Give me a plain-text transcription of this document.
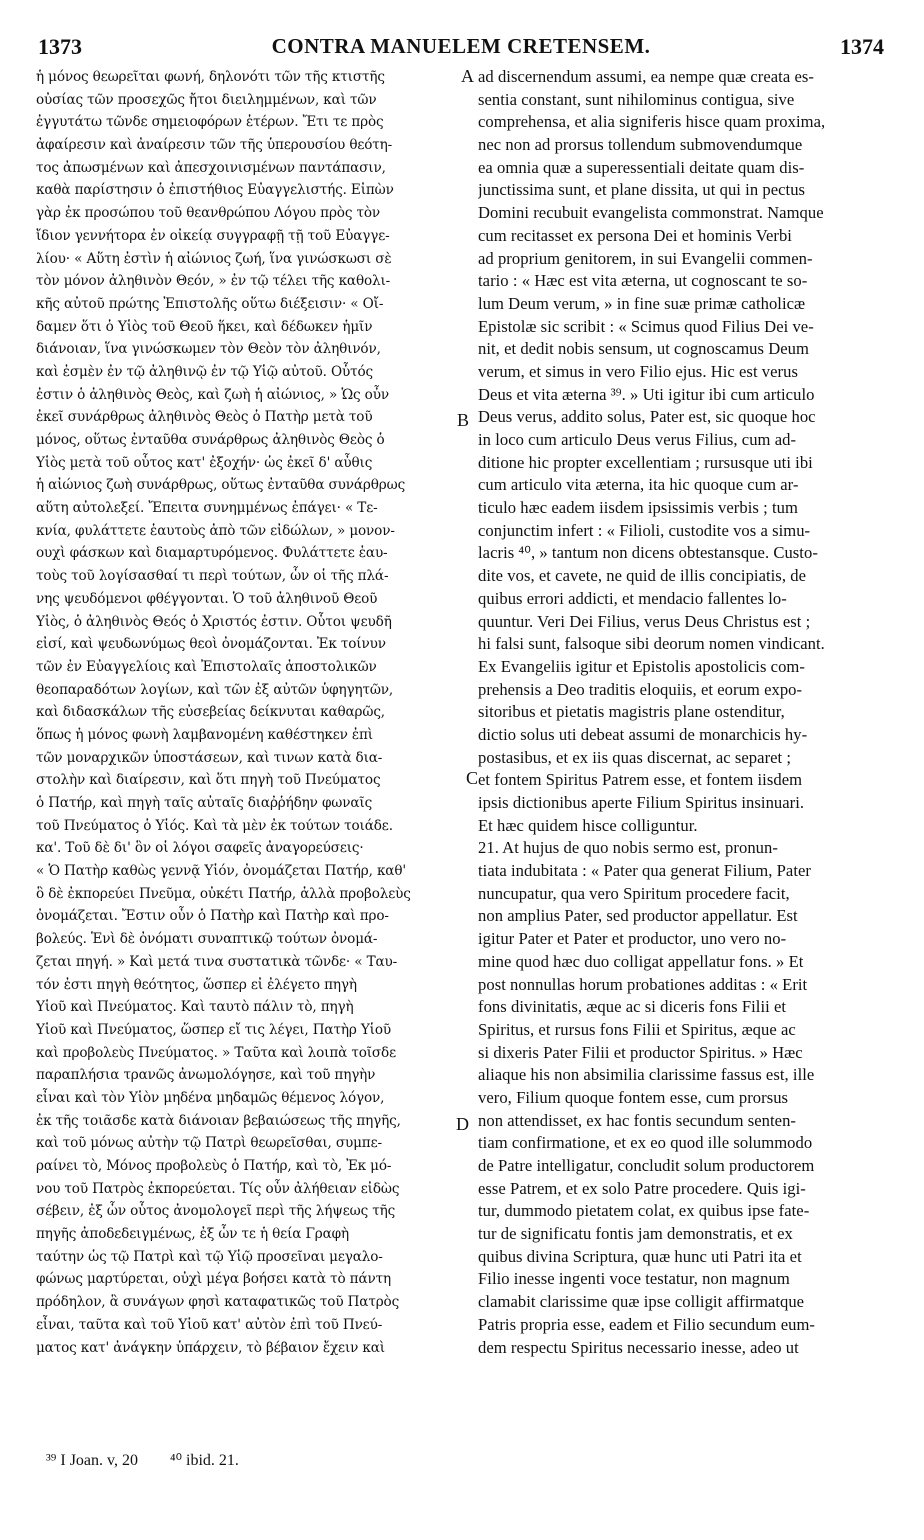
1373	CONTRA MANUELEM CRETENSEM.	1374
ἡ μόνος θεωρεῖται φωνή, δηλονότι τῶν τῆς κτιστῆς
οὐσίας τῶν προσεχῶς ἤτοι διειλημμένων, καὶ τῶν
ἐγγυτάτω τῶνδε σημειοφόρων ἑτέρων. Ἔτι τε πρὸς
ἀφαίρεσιν καὶ ἀναίρεσιν τῶν τῆς ὑπερουσίου θεότη-
τος ἀπωσμένων καὶ ἀπεσχοινισμένων παντάπασιν,
καθὰ παρίστησιν ὁ ἐπιστήθιος Εὐαγγελιστής. Εἰπὼν
γὰρ ἐκ προσώπου τοῦ θεανθρώπου Λόγου πρὸς τὸν
ἴδιον γεννήτορα ἐν οἰκείᾳ συγγραφῇ τῇ τοῦ Εὐαγγε-
λίου· « Αὕτη ἐστὶν ἡ αἰώνιος ζωή, ἵνα γινώσκωσι σὲ
τὸν μόνον ἀληθινὸν Θεόν, » ἐν τῷ τέλει τῆς καθολι-
κῆς αὐτοῦ πρώτης Ἐπιστολῆς οὕτω διέξεισιν· « Οἴ-
δαμεν ὅτι ὁ Υἱὸς τοῦ Θεοῦ ἥκει, καὶ δέδωκεν ἡμῖν
διάνοιαν, ἵνα γινώσκωμεν τὸν Θεὸν τὸν ἀληθινόν,
καὶ ἐσμὲν ἐν τῷ ἀληθινῷ ἐν τῷ Υἱῷ αὐτοῦ. Οὗτός
ἐστιν ὁ ἀληθινὸς Θεὸς, καὶ ζωὴ ἡ αἰώνιος, » Ὡς οὖν
ἐκεῖ συνάρθρως ἀληθινὸς Θεὸς ὁ Πατὴρ μετὰ τοῦ
μόνος, οὕτως ἐνταῦθα συνάρθρως ἀληθινὸς Θεὸς ὁ
Υἱὸς μετὰ τοῦ οὗτος κατ' ἐξοχήν· ὡς ἐκεῖ δ' αὖθις
ἡ αἰώνιος ζωὴ συνάρθρως, οὕτως ἐνταῦθα συνάρθρως
αὕτη αὐτολεξεί. Ἔπειτα συνημμένως ἐπάγει· « Τε-
κνία, φυλάττετε ἑαυτοὺς ἀπὸ τῶν εἰδώλων, » μονον-
ουχὶ φάσκων καὶ διαμαρτυρόμενος. Φυλάττετε ἑαυ-
τοὺς τοῦ λογίσασθαί τι περὶ τούτων, ὧν οἱ τῆς πλά-
νης ψευδόμενοι φθέγγονται. Ὁ τοῦ ἀληθινοῦ Θεοῦ
Υἱὸς, ὁ ἀληθινὸς Θεός ὁ Χριστός ἐστιν. Οὗτοι ψευδῆ
εἰσί, καὶ ψευδωνύμως θεοὶ ὀνομάζονται. Ἐκ τοίνυν
τῶν ἐν Εὐαγγελίοις καὶ Ἐπιστολαῖς ἀποστολικῶν
θεοπαραδότων λογίων, καὶ τῶν ἐξ αὐτῶν ὑφηγητῶν,
καὶ διδασκάλων τῆς εὐσεβείας δείκνυται καθαρῶς,
ὅπως ἡ μόνος φωνὴ λαμβανομένη καθέστηκεν ἐπὶ
τῶν μοναρχικῶν ὑποστάσεων, καὶ τινων κατὰ δια-
στολὴν καὶ διαίρεσιν, καὶ ὅτι πηγὴ τοῦ Πνεύματος
ὁ Πατήρ, καὶ πηγὴ ταῖς αὐταῖς διαῤῥήδην φωναῖς
τοῦ Πνεύματος ὁ Υἱός. Καὶ τὰ μὲν ἐκ τούτων τοιάδε.
κα'. Τοῦ δὲ δι' ὃν οἱ λόγοι σαφεῖς ἀναγορεύσεις·
« Ὁ Πατὴρ καθὼς γεννᾷ Υἱόν, ὀνομάζεται Πατήρ, καθ'
ὃ δὲ ἐκπορεύει Πνεῦμα, οὐκέτι Πατήρ, ἀλλὰ προβολεὺς
ὀνομάζεται. Ἔστιν οὖν ὁ Πατὴρ καὶ Πατὴρ καὶ προ-
βολεύς. Ἑνὶ δὲ ὀνόματι συναπτικῷ τούτων ὀνομά-
ζεται πηγή. » Καὶ μετά τινα συστατικὰ τῶνδε· « Ταυ-
τόν ἐστι πηγὴ θεότητος, ὥσπερ εἰ ἐλέγετο πηγὴ
Υἱοῦ καὶ Πνεύματος. Καὶ ταυτὸ πάλιν τὸ, πηγὴ
Υἱοῦ καὶ Πνεύματος, ὥσπερ εἴ τις λέγει, Πατὴρ Υἱοῦ
καὶ προβολεὺς Πνεύματος. » Ταῦτα καὶ λοιπὰ τοῖσδε
παραπλήσια τρανῶς ἀνωμολόγησε, καὶ τοῦ πηγὴν
εἶναι καὶ τὸν Υἱὸν μηδένα μηδαμῶς θέμενος λόγον,
ἐκ τῆς τοιᾶσδε κατὰ διάνοιαν βεβαιώσεως τῆς πηγῆς,
καὶ τοῦ μόνως αὐτὴν τῷ Πατρὶ θεωρεῖσθαι, συμπε-
ραίνει τὸ, Μόνος προβολεὺς ὁ Πατήρ, καὶ τὸ, Ἐκ μό-
νου τοῦ Πατρὸς ἐκπορεύεται. Τίς οὖν ἀλήθειαν εἰδὼς
σέβειν, ἐξ ὧν οὗτος ἀνομολογεῖ περὶ τῆς λήψεως τῆς
πηγῆς ἀποδεδειγμένως, ἐξ ὧν τε ἡ θεία Γραφὴ
ταύτην ὡς τῷ Πατρὶ καὶ τῷ Υἱῷ προσεῖναι μεγαλο-
φώνως μαρτύρεται, οὐχὶ μέγα βοήσει κατὰ τὸ πάντη
πρόδηλον, ἃ συνάγων φησὶ καταφατικῶς τοῦ Πατρὸς
εἶναι, ταῦτα καὶ τοῦ Υἱοῦ κατ' αὐτὸν ἐπὶ τοῦ Πνεύ-
ματος κατ' ἀνάγκην ὑπάρχειν, τὸ βέβαιον ἔχειν καὶ
ad discernendum assumi, ea nempe quæ creata es-
sentia constant, sunt nihilominus contigua, sive
comprehensa, et alia signiferis hisce quam proxima,
nec non ad prorsus tollendum submovendumque
ea omnia quæ a superessentiali deitate quam dis-
junctissima sunt, et plane dissita, ut qui in pectus
Domini recubuit evangelista commonstrat. Namque
cum recitasset ex persona Dei et hominis Verbi
ad proprium genitorem, in sui Evangelii commen-
tario : « Hæc est vita æterna, ut cognoscant te so-
lum Deum verum, » in fine suæ primæ catholicæ
Epistolæ sic scribit : « Scimus quod Filius Dei ve-
nit, et dedit nobis sensum, ut cognoscamus Deum
verum, et simus in vero Filio ejus. Hic est verus
Deus et vita æterna ³⁹. » Uti igitur ibi cum articulo
Deus verus, addito solus, Pater est, sic quoque hoc
in loco cum articulo Deus verus Filius, cum ad-
ditione hic propter excellentiam ; rursusque uti ibi
cum articulo vita æterna, ita hic quoque cum ar-
ticulo hæc eadem iisdem ipsissimis verbis ; tum
conjunctim infert : « Filioli, custodite vos a simu-
lacris ⁴⁰, » tantum non dicens obtestansque. Custo-
dite vos, et cavete, ne quid de illis concipiatis, de
quibus errori addicti, et mendacio fallentes lo-
quuntur. Veri Dei Filius, verus Deus Christus est ;
hi falsi sunt, falsoque sibi deorum nomen vindicant.
Ex Evangeliis igitur et Epistolis apostolicis com-
prehensis a Deo traditis eloquiis, et eorum expo-
sitoribus et pietatis magistris plane ostenditur,
dictio solus uti debeat assumi de monarchicis hy-
postasibus, et ex iis quas discernat, ac separet ;
et fontem Spiritus Patrem esse, et fontem iisdem
ipsis dictionibus aperte Filium Spiritus insinuari.
Et hæc quidem hisce colliguntur.
21. At hujus de quo nobis sermo est, pronun-
tiata indubitata : « Pater qua generat Filium, Pater
nuncupatur, qua vero Spiritum procedere facit,
non amplius Pater, sed productor appellatur. Est
igitur Pater et Pater et productor, uno vero no-
mine quod hæc duo colligat appellatur fons. » Et
post nonnullas horum probationes additas : « Erit
fons divinitatis, æque ac si diceris fons Filii et
Spiritus, et rursus fons Filii et Spiritus, æque ac
si dixeris Pater Filii et productor Spiritus. » Hæc
aliaque his non absimilia clarissime fassus est, ille
vero, Filium quoque fontem esse, cum prorsus
non attendisset, ex hac fontis secundum senten-
tiam confirmatione, et ex eo quod ille solummodo
de Patre intelligatur, concludit solum productorem
esse Patrem, et ex solo Patre procedere. Quis igi-
tur, dummodo pietatem colat, ex quibus ipse fate-
tur de significatu fontis jam demonstratis, et ex
quibus divina Scriptura, quæ hunc uti Patri ita et
Filio inesse ingenti voce testatur, non magnum
clamabit clarissime quæ ipse colligit affirmatque
Patris propria esse, eadem et Filio secundum eum-
dem respectu Spiritus necessario inesse, adeo ut
A
B
C
D
³⁹ I Joan. v, 20 ⁴⁰ ibid. 21.
